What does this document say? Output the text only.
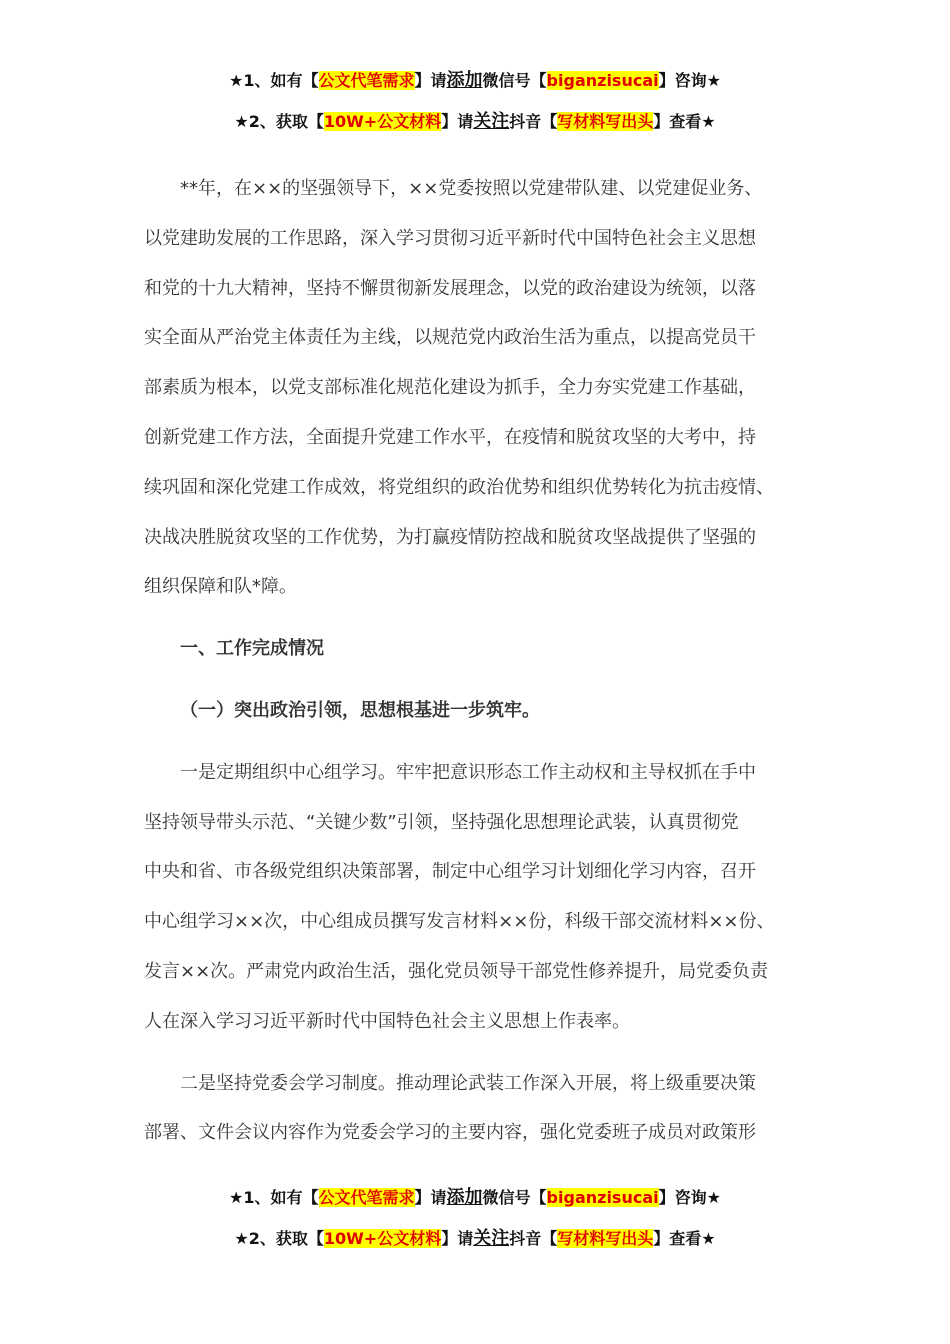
★1、如有【公文代笔需求】请添加微信号【biganzisucai】咨询★
★2、获取【10W+公文材料】请关注抖音【写材料写出头】查看★

**年，在××的坚强领导下，××党委按照以党建带队建、以党建促业务、
以党建助发展的工作思路，深入学习贯彻习近平新时代中国特色社会主义思想
和党的十九大精神，坚持不懈贯彻新发展理念，以党的政治建设为统领，以落
实全面从严治党主体责任为主线，以规范党内政治生活为重点，以提高党员干
部素质为根本，以党支部标准化规范化建设为抓手，全力夯实党建工作基础，
创新党建工作方法，全面提升党建工作水平，在疫情和脱贫攻坚的大考中，持
续巩固和深化党建工作成效，将党组织的政治优势和组织优势转化为抗击疫情、
决战决胜脱贫攻坚的工作优势，为打赢疫情防控战和脱贫攻坚战提供了坚强的
组织保障和队*障。

一、工作完成情况

（一）突出政治引领，思想根基进一步筑牢。

一是定期组织中心组学习。牢牢把意识形态工作主动权和主导权抓在手中
坚持领导带头示范、“关键少数”引领，坚持强化思想理论武装，认真贯彻党
中央和省、市各级党组织决策部署，制定中心组学习计划细化学习内容，召开
中心组学习××次，中心组成员撰写发言材料××份，科级干部交流材料××份、
发言××次。严肃党内政治生活，强化党员领导干部党性修养提升，局党委负责
人在深入学习习近平新时代中国特色社会主义思想上作表率。

二是坚持党委会学习制度。推动理论武装工作深入开展，将上级重要决策
部署、文件会议内容作为党委会学习的主要内容，强化党委班子成员对政策形

★1、如有【公文代笔需求】请添加微信号【biganzisucai】咨询★
★2、获取【10W+公文材料】请关注抖音【写材料写出头】查看★
